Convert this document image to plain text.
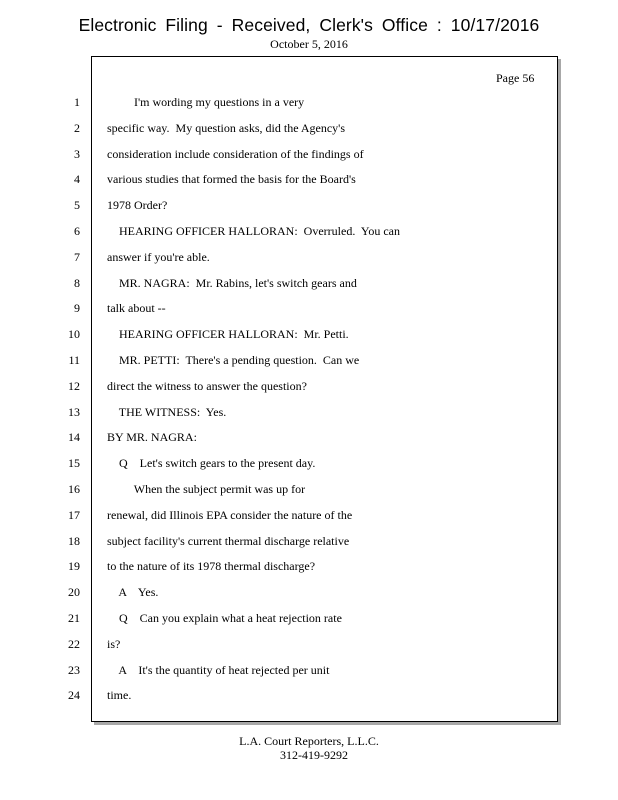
Electronic Filing - Received, Clerk's Office : 10/17/2016
October 5, 2016
Page 56
1 I'm wording my questions in a very
2 specific way.  My question asks, did the Agency's
3 consideration include consideration of the findings of
4 various studies that formed the basis for the Board's
5 1978 Order?
6 HEARING OFFICER HALLORAN:  Overruled.  You can
7 answer if you're able.
8 MR. NAGRA:  Mr. Rabins, let's switch gears and
9 talk about --
10 HEARING OFFICER HALLORAN:  Mr. Petti.
11 MR. PETTI:  There's a pending question.  Can we
12 direct the witness to answer the question?
13 THE WITNESS:  Yes.
14 BY MR. NAGRA:
15 Q    Let's switch gears to the present day.
16 When the subject permit was up for
17 renewal, did Illinois EPA consider the nature of the
18 subject facility's current thermal discharge relative
19 to the nature of its 1978 thermal discharge?
20 A    Yes.
21 Q    Can you explain what a heat rejection rate
22 is?
23 A    It's the quantity of heat rejected per unit
24 time.
L.A. Court Reporters, L.L.C.
312-419-9292
